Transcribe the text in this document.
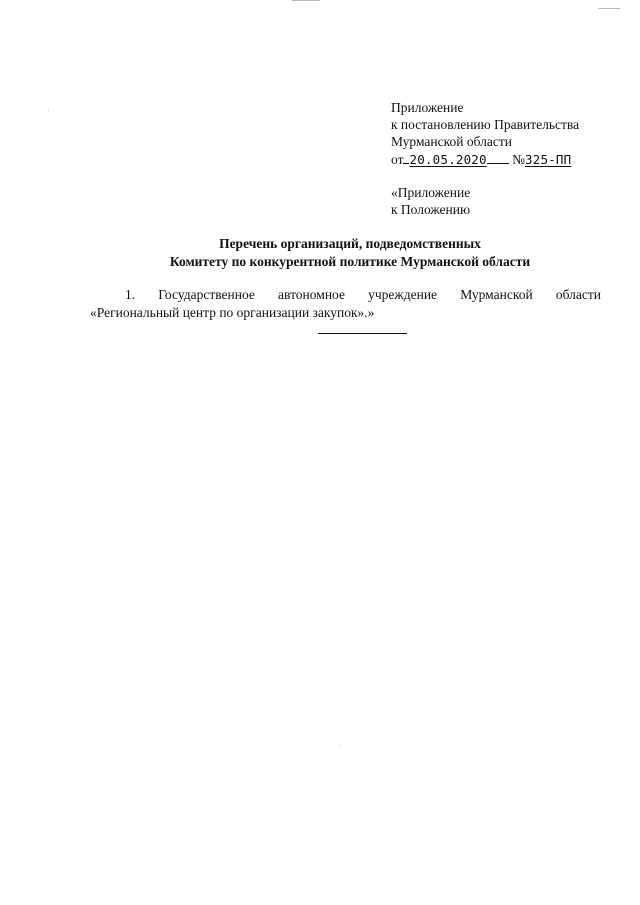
Приложение
к постановлению Правительства
Мурманской области
от 20.05.2020 №325-ПП
«Приложение
к Положению
Перечень организаций, подведомственных
Комитету по конкурентной политике Мурманской области
1. Государственное автономное учреждение Мурманской области
«Региональный центр по организации закупок».»
